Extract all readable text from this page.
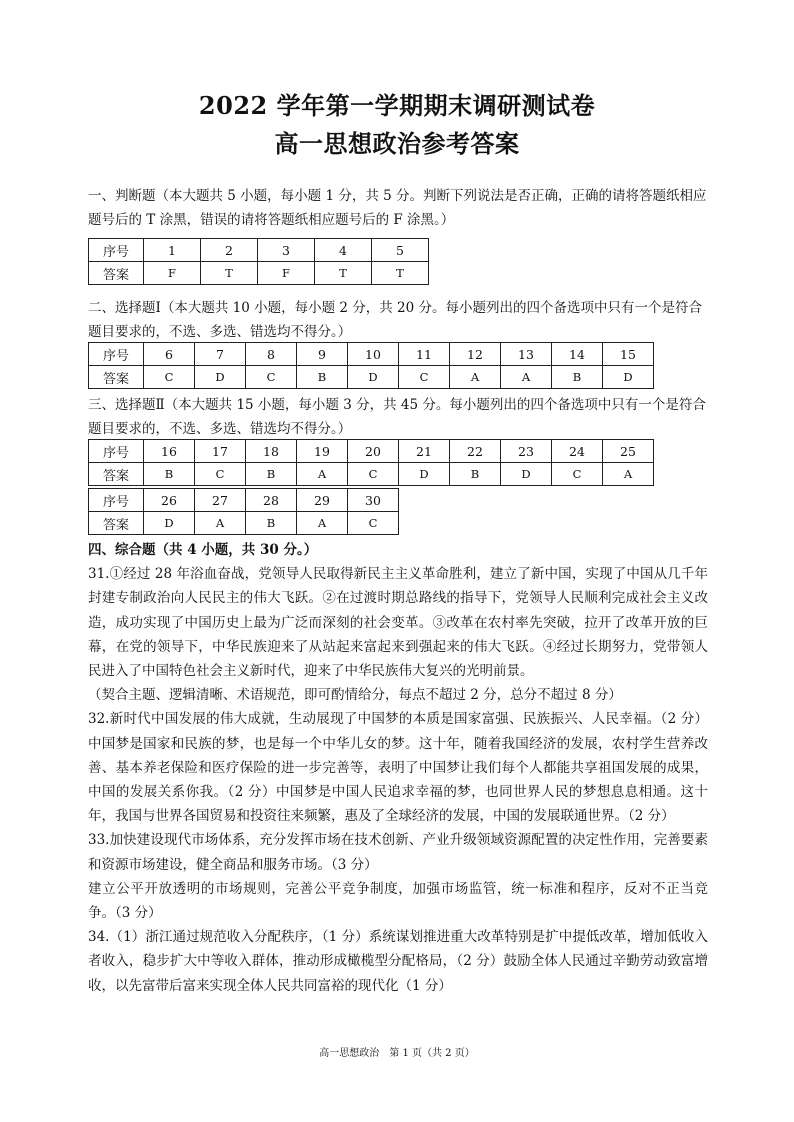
2022 学年第一学期期末调研测试卷
高一思想政治参考答案
一、判断题（本大题共 5 小题，每小题 1 分，共 5 分。判断下列说法是否正确，正确的请将答题纸相应题号后的 T 涂黑，错误的请将答题纸相应题号后的 F 涂黑。）
序号	1	2	3	4	5
答案	F	T	F	T	T
二、选择题Ⅰ（本大题共 10 小题，每小题 2 分，共 20 分。每小题列出的四个备选项中只有一个是符合题目要求的，不选、多选、错选均不得分。）
序号	6	7	8	9	10	11	12	13	14	15
答案	C	D	C	B	D	C	A	A	B	D
三、选择题Ⅱ（本大题共 15 小题，每小题 3 分，共 45 分。每小题列出的四个备选项中只有一个是符合题目要求的，不选、多选、错选均不得分。）
序号	16	17	18	19	20	21	22	23	24	25
答案	B	C	B	A	C	D	B	D	C	A
序号	26	27	28	29	30
答案	D	A	B	A	C

四、综合题（共 4 小题，共 30 分。）

31.①经过 28 年浴血奋战，党领导人民取得新民主主义革命胜利，建立了新中国，实现了中国从几千年封建专制政治向人民民主的伟大飞跃。②在过渡时期总路线的指导下，党领导人民顺利完成社会主义改造，成功实现了中国历史上最为广泛而深刻的社会变革。③改革在农村率先突破，拉开了改革开放的巨幕，在党的领导下，中华民族迎来了从站起来富起来到强起来的伟大飞跃。④经过长期努力，党带领人民进入了中国特色社会主义新时代，迎来了中华民族伟大复兴的光明前景。

（契合主题、逻辑清晰、术语规范，即可酌情给分，每点不超过 2 分，总分不超过 8 分）

32.新时代中国发展的伟大成就，生动展现了中国梦的本质是国家富强、民族振兴、人民幸福。（2 分）中国梦是国家和民族的梦，也是每一个中华儿女的梦。这十年，随着我国经济的发展，农村学生营养改善、基本养老保险和医疗保险的进一步完善等，表明了中国梦让我们每个人都能共享祖国发展的成果，中国的发展关系你我。（2 分）中国梦是中国人民追求幸福的梦，也同世界人民的梦想息息相通。这十年，我国与世界各国贸易和投资往来频繁，惠及了全球经济的发展，中国的发展联通世界。（2 分）

33.加快建设现代市场体系，充分发挥市场在技术创新、产业升级领域资源配置的决定性作用，完善要素和资源市场建设，健全商品和服务市场。（3 分）

建立公平开放透明的市场规则，完善公平竞争制度，加强市场监管，统一标准和程序，反对不正当竞争。（3 分）

34.（1）浙江通过规范收入分配秩序，（1 分）系统谋划推进重大改革特别是扩中提低改革，增加低收入者收入，稳步扩大中等收入群体，推动形成橄榄型分配格局，（2 分）鼓励全体人民通过辛勤劳动致富增收，以先富带后富来实现全体人民共同富裕的现代化（1 分）

高一思想政治　第 1 页（共 2 页）
